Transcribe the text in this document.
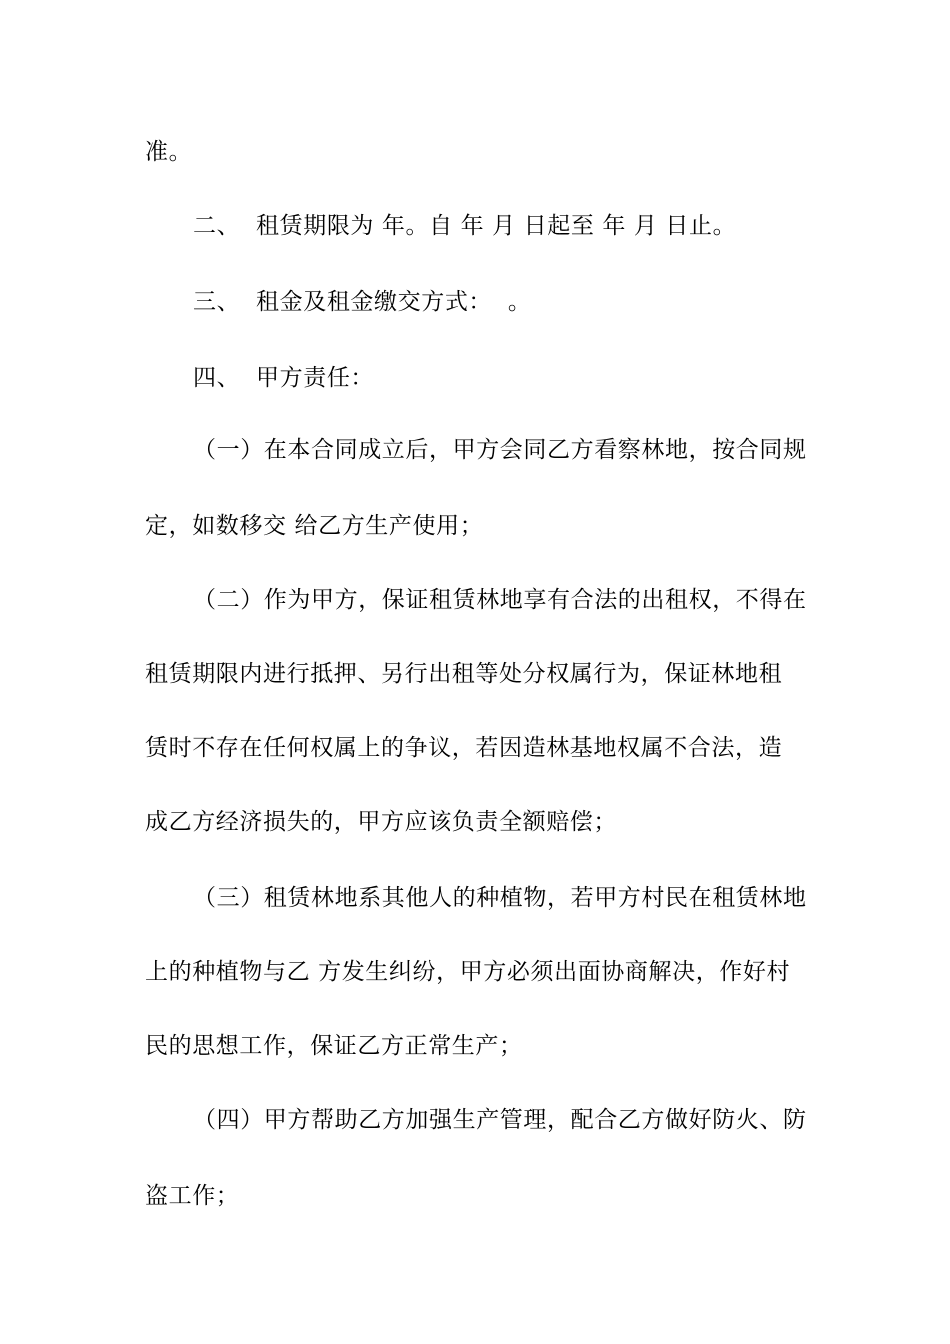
准。
二、  租赁期限为 年。自 年 月 日起至 年 月 日止。
三、  租金及租金缴交方式：  。
四、  甲方责任：
（一）在本合同成立后，甲方会同乙方看察林地，按合同规
定，如数移交 给乙方生产使用；
（二）作为甲方，保证租赁林地享有合法的出租权，不得在
租赁期限内进行抵押、另行出租等处分权属行为，保证林地租
赁时不存在任何权属上的争议，若因造林基地权属不合法，造
成乙方经济损失的，甲方应该负责全额赔偿；
（三）租赁林地系其他人的种植物，若甲方村民在租赁林地
上的种植物与乙 方发生纠纷，甲方必须出面协商解决，作好村
民的思想工作，保证乙方正常生产；
（四）甲方帮助乙方加强生产管理，配合乙方做好防火、防
盗工作；
